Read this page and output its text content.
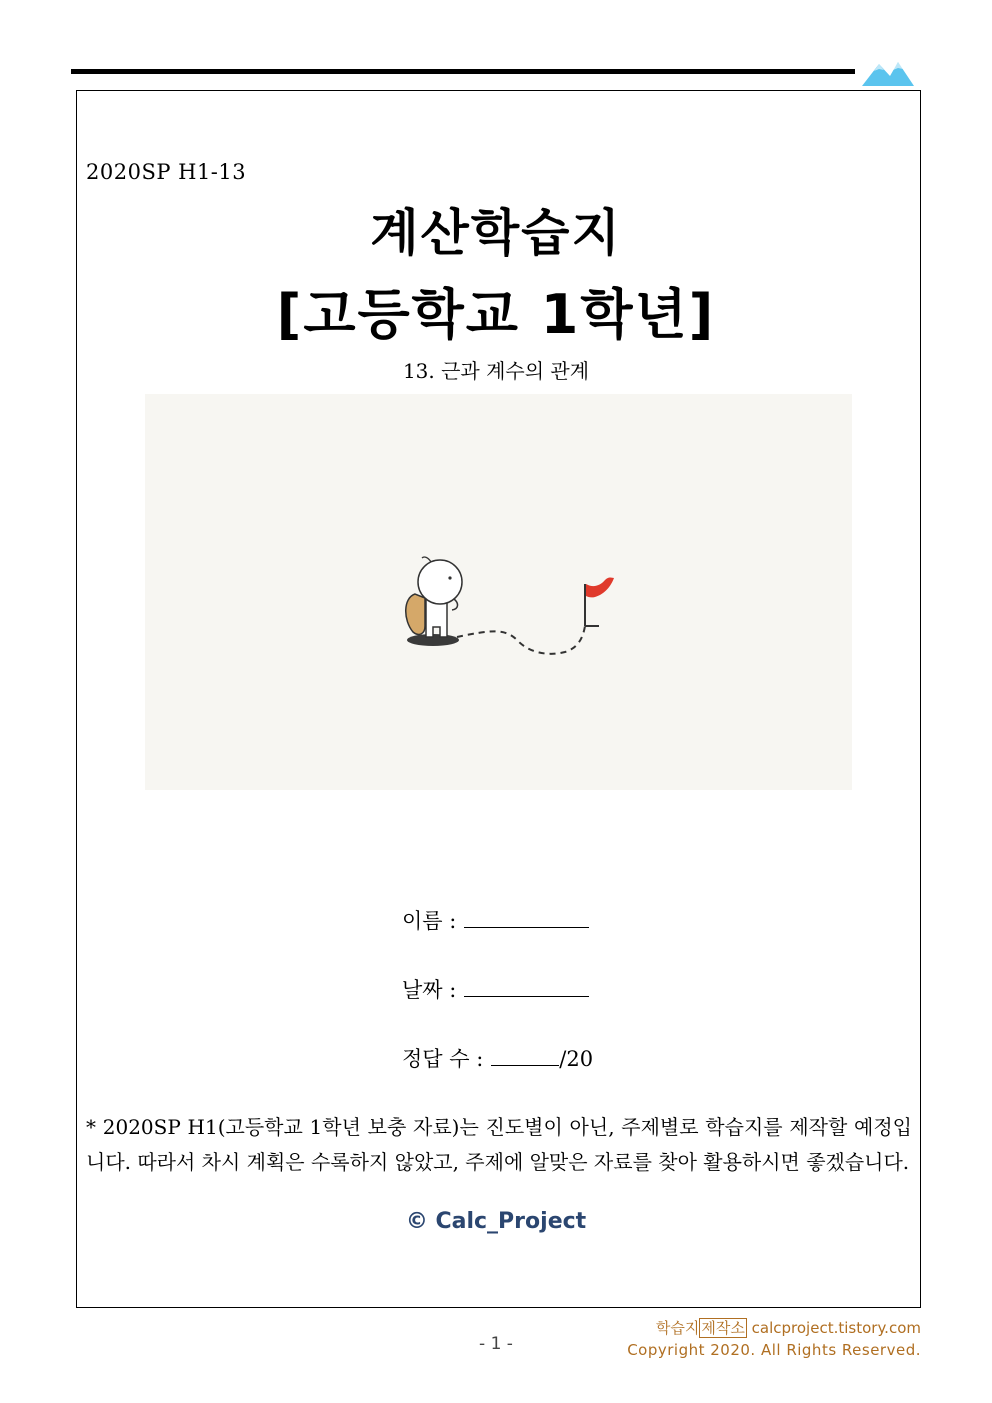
2020SP H1-13
계산학습지
[고등학교 1학년]
13. 근과 계수의 관계
이름 :
날짜 :
정답 수 :	/20
* 2020SP H1(고등학교 1학년 보충 자료)는 진도별이 아닌, 주제별로 학습지를 제작할 예정입니다. 따라서 차시 계획은 수록하지 않았고, 주제에 알맞은 자료를 찾아 활용하시면 좋겠습니다.
© Calc_Project
- 1 -
학습지 제작소 calcproject.tistory.com
Copyright 2020. All Rights Reserved.
